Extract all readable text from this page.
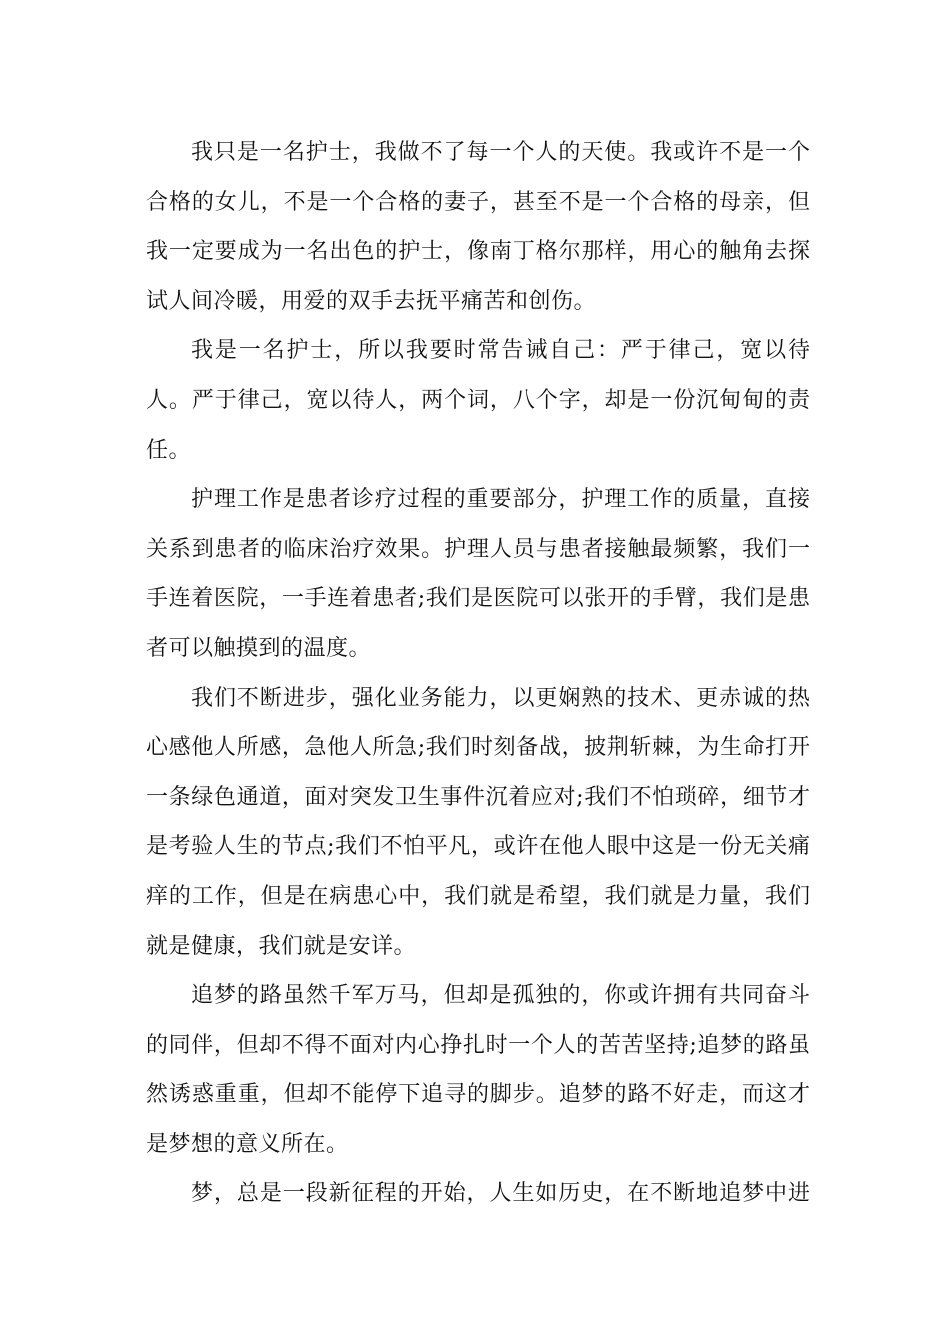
我只是一名护士，我做不了每一个人的天使。我或许不是一个
合格的女儿，不是一个合格的妻子，甚至不是一个合格的母亲，但
我一定要成为一名出色的护士，像南丁格尔那样，用心的触角去探
试人间冷暖，用爱的双手去抚平痛苦和创伤。
我是一名护士，所以我要时常告诫自己：严于律己，宽以待
人。严于律己，宽以待人，两个词，八个字，却是一份沉甸甸的责
任。
护理工作是患者诊疗过程的重要部分，护理工作的质量，直接
关系到患者的临床治疗效果。护理人员与患者接触最频繁，我们一
手连着医院，一手连着患者;我们是医院可以张开的手臂，我们是患
者可以触摸到的温度。
我们不断进步，强化业务能力，以更娴熟的技术、更赤诚的热
心感他人所感，急他人所急;我们时刻备战，披荆斩棘，为生命打开
一条绿色通道，面对突发卫生事件沉着应对;我们不怕琐碎，细节才
是考验人生的节点;我们不怕平凡，或许在他人眼中这是一份无关痛
痒的工作，但是在病患心中，我们就是希望，我们就是力量，我们
就是健康，我们就是安详。
追梦的路虽然千军万马，但却是孤独的，你或许拥有共同奋斗
的同伴，但却不得不面对内心挣扎时一个人的苦苦坚持;追梦的路虽
然诱惑重重，但却不能停下追寻的脚步。追梦的路不好走，而这才
是梦想的意义所在。
梦，总是一段新征程的开始，人生如历史，在不断地追梦中进
